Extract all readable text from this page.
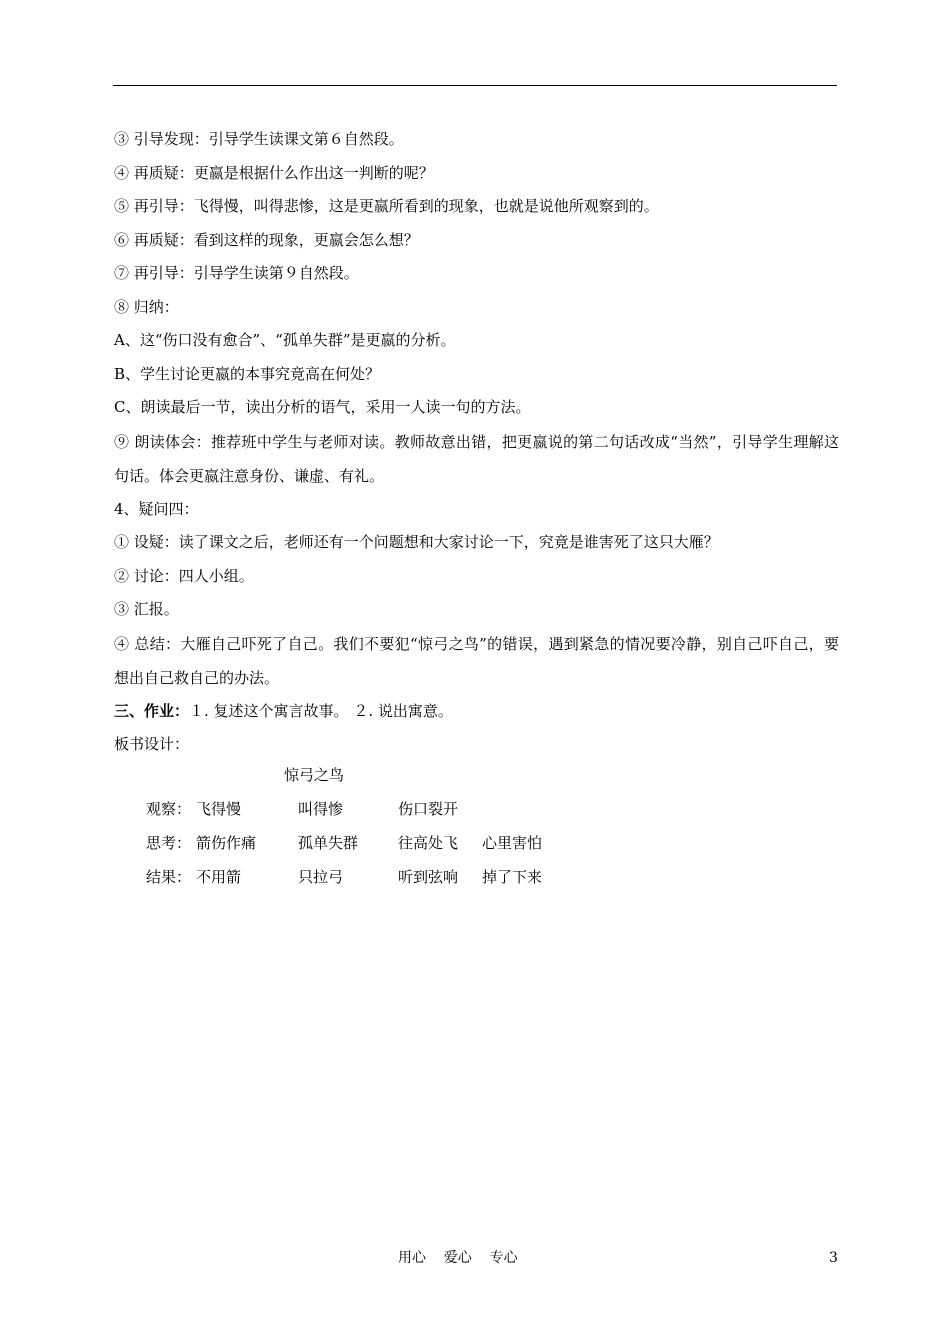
③ 引导发现：引导学生读课文第６自然段。
④ 再质疑：更嬴是根据什么作出这一判断的呢？
⑤ 再引导：飞得慢，叫得悲惨，这是更嬴所看到的现象，也就是说他所观察到的。
⑥ 再质疑：看到这样的现象，更嬴会怎么想？
⑦ 再引导：引导学生读第９自然段。
⑧ 归纳：
A、这“伤口没有愈合”、“孤单失群”是更嬴的分析。
B、学生讨论更嬴的本事究竟高在何处？
C、朗读最后一节，读出分析的语气，采用一人读一句的方法。
⑨ 朗读体会：推荐班中学生与老师对读。教师故意出错，把更嬴说的第二句话改成“当然”，引导学生理解这句话。体会更嬴注意身份、谦虚、有礼。
4、疑问四：
① 设疑：读了课文之后，老师还有一个问题想和大家讨论一下，究竟是谁害死了这只大雁？
② 讨论：四人小组。
③ 汇报。
④ 总结：大雁自己吓死了自己。我们不要犯“惊弓之鸟”的错误，遇到紧急的情况要冷静，别自己吓自己，要想出自己救自己的办法。
三、作业：１. 复述这个寓言故事。 ２. 说出寓意。
板书设计：
惊弓之鸟
观察： 飞得慢	叫得惨	伤口裂开
思考： 箭伤作痛	孤单失群	往高处飞 心里害怕
结果： 不用箭	只拉弓	听到弦响 掉了下来
用心    爱心    专心	3
